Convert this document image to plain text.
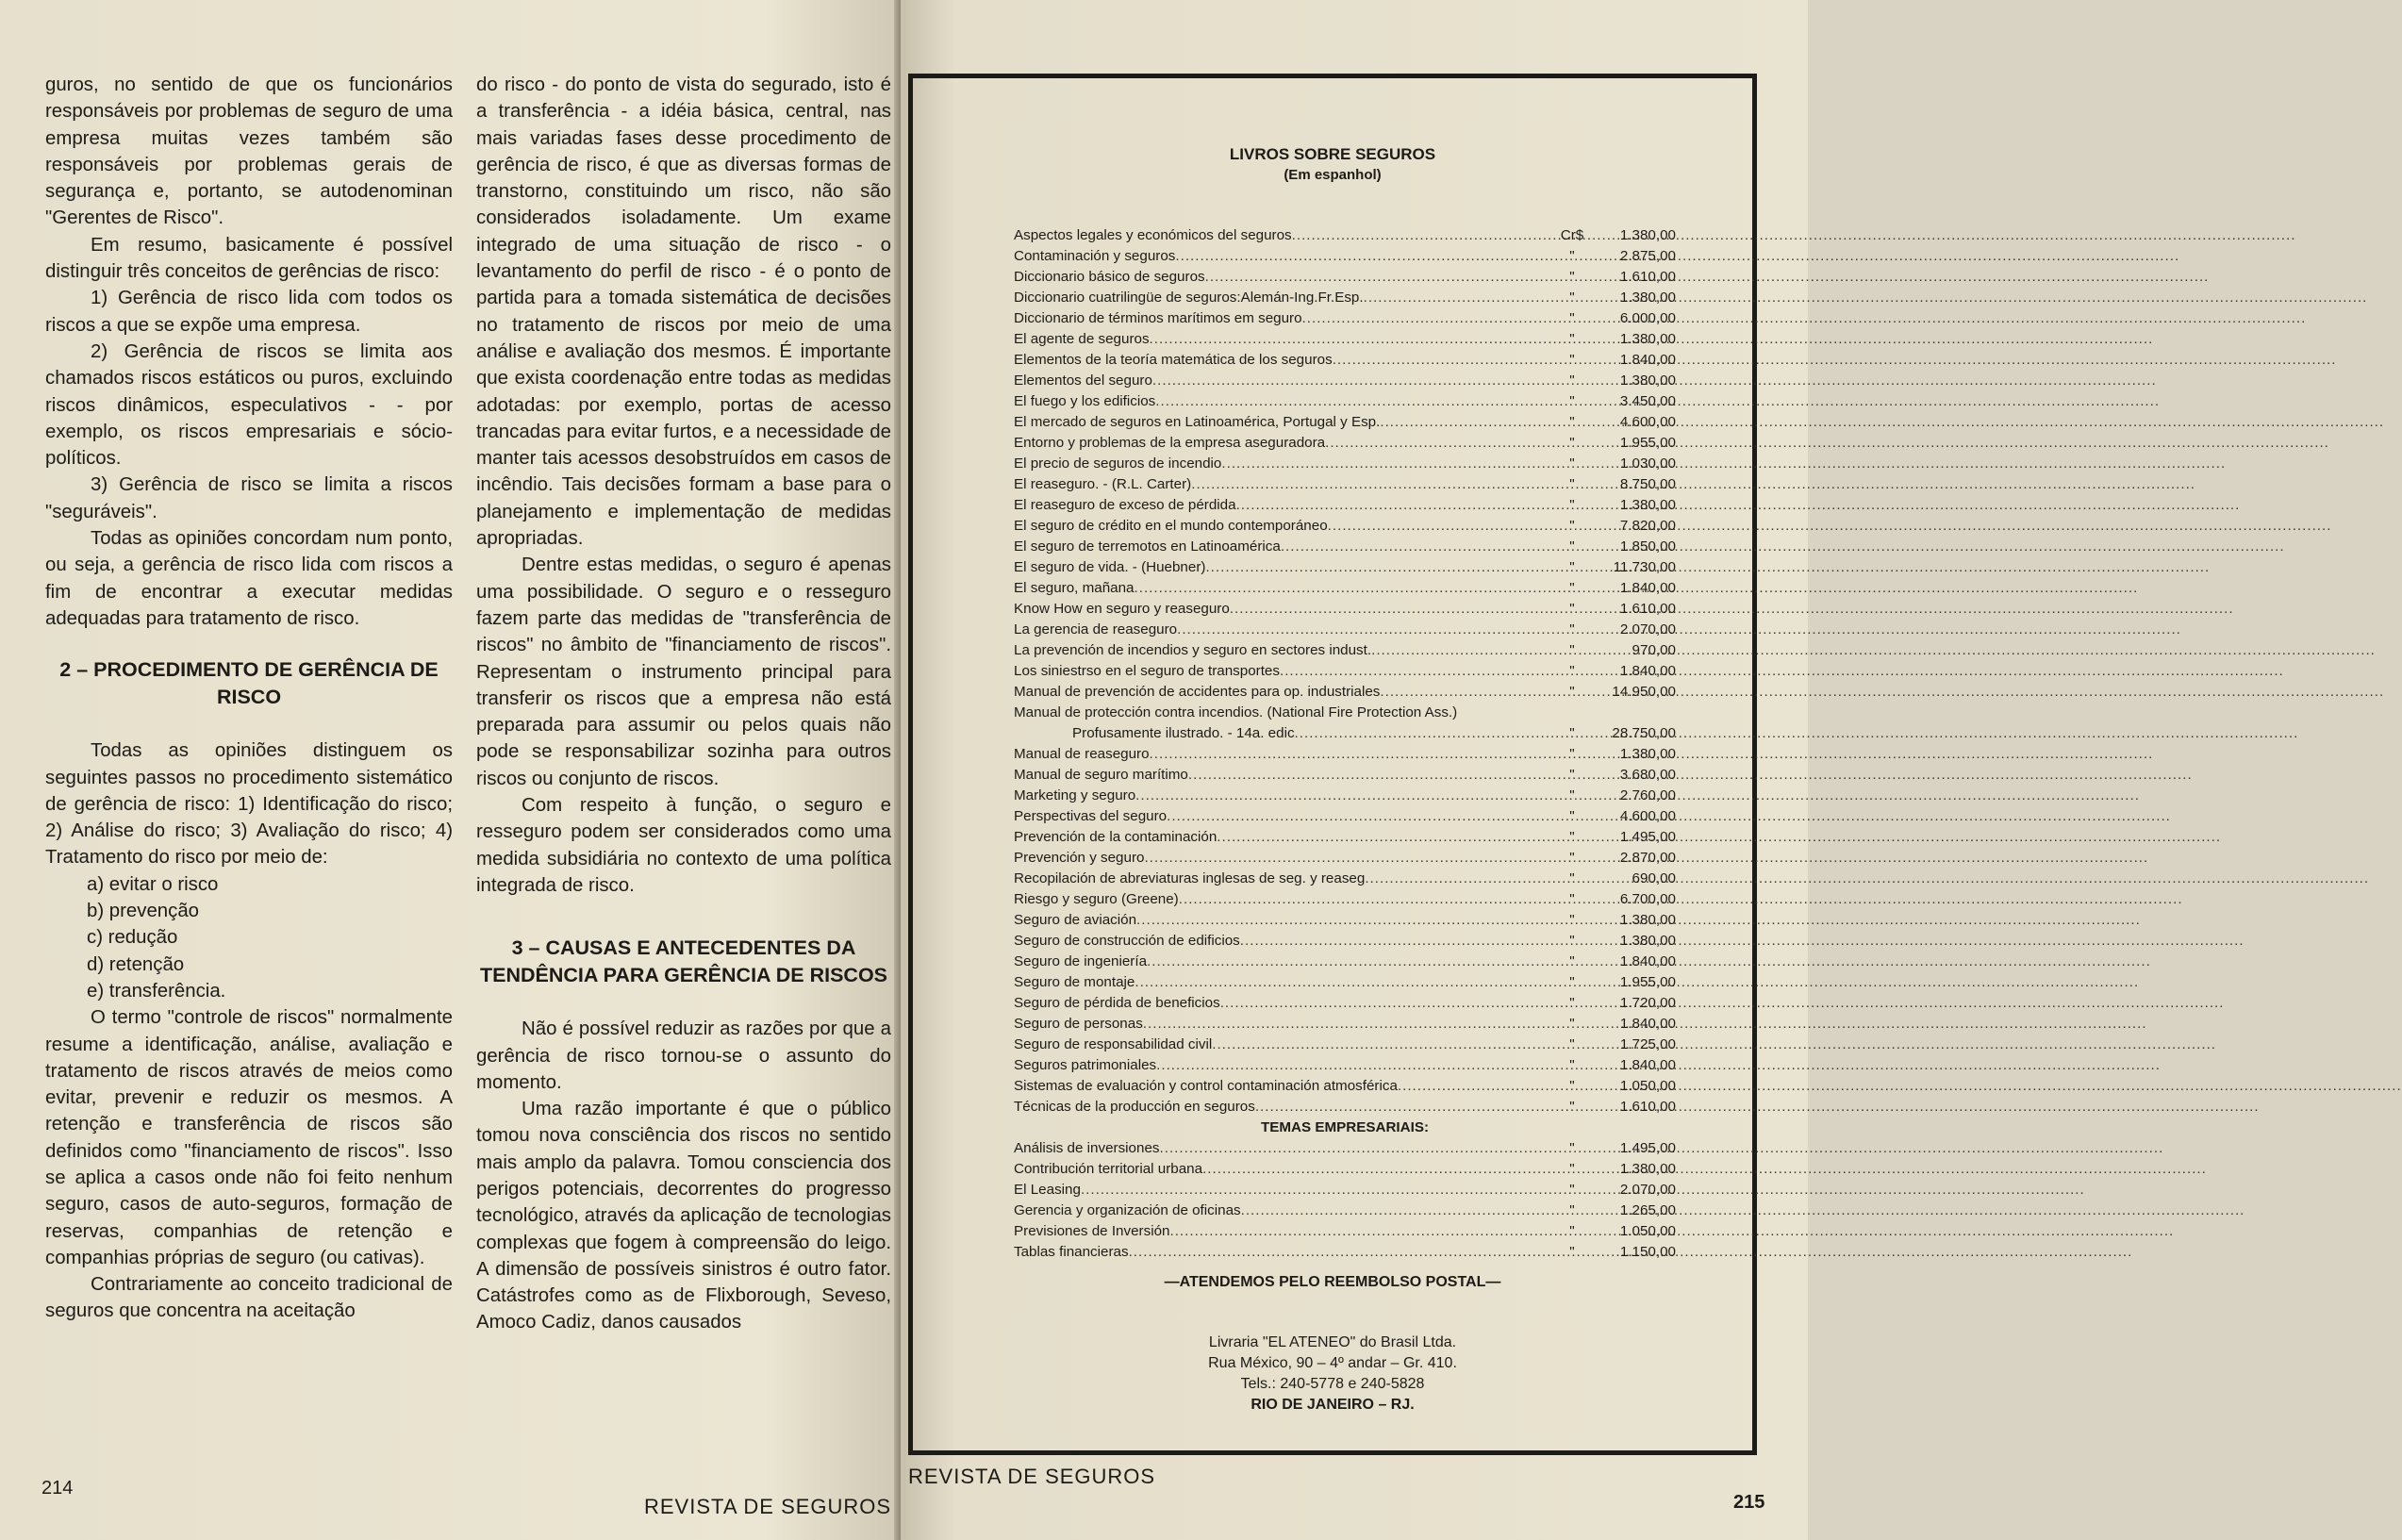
guros, no sentido de que os funcionários responsáveis por problemas de seguro de uma empresa muitas vezes também são responsáveis por problemas gerais de segurança e, portanto, se autodenominan "Gerentes de Risco".

Em resumo, basicamente é possível distinguir três conceitos de gerências de risco:

1) Gerência de risco lida com todos os riscos a que se expõe uma empresa.

2) Gerência de riscos se limita aos chamados riscos estáticos ou puros, excluindo riscos dinâmicos, especulativos - - por exemplo, os riscos empresariais e sócio-políticos.

3) Gerência de risco se limita a riscos "seguráveis".

Todas as opiniões concordam num ponto, ou seja, a gerência de risco lida com riscos a fim de encontrar a executar medidas adequadas para tratamento de risco.

2 – PROCEDIMENTO DE GERÊNCIA DE RISCO

Todas as opiniões distinguem os seguintes passos no procedimento sistemático de gerência de risco: 1) Identificação do risco; 2) Análise do risco; 3) Avaliação do risco; 4) Tratamento do risco por meio de:

a) evitar o risco
b) prevenção
c) redução
d) retenção
e) transferência.

O termo "controle de riscos" normalmente resume a identificação, análise, avaliação e tratamento de riscos através de meios como evitar, prevenir e reduzir os mesmos. A retenção e transferência de riscos são definidos como "financiamento de riscos". Isso se aplica a casos onde não foi feito nenhum seguro, casos de auto-seguros, formação de reservas, companhias de retenção e companhias próprias de seguro (ou cativas).

Contrariamente ao conceito tradicional de seguros que concentra na aceitação

do risco - do ponto de vista do segurado, isto é a transferência - a idéia básica, central, nas mais variadas fases desse procedimento de gerência de risco, é que as diversas formas de transtorno, constituindo um risco, não são considerados isoladamente. Um exame integrado de uma situação de risco - o levantamento do perfil de risco - é o ponto de partida para a tomada sistemática de decisões no tratamento de riscos por meio de uma análise e avaliação dos mesmos. É importante que exista coordenação entre todas as medidas adotadas: por exemplo, portas de acesso trancadas para evitar furtos, e a necessidade de manter tais acessos desobstruídos em casos de incêndio. Tais decisões formam a base para o planejamento e implementação de medidas apropriadas.

Dentre estas medidas, o seguro é apenas uma possibilidade. O seguro e o resseguro fazem parte das medidas de "transferência de riscos" no âmbito de "financiamento de riscos". Representam o instrumento principal para transferir os riscos que a empresa não está preparada para assumir ou pelos quais não pode se responsabilizar sozinha para outros riscos ou conjunto de riscos.

Com respeito à função, o seguro e resseguro podem ser considerados como uma medida subsidiária no contexto de uma política integrada de risco.

3 – CAUSAS E ANTECEDENTES DA TENDÊNCIA PARA GERÊNCIA DE RISCOS

Não é possível reduzir as razões por que a gerência de risco tornou-se o assunto do momento.

Uma razão importante é que o público tomou nova consciência dos riscos no sentido mais amplo da palavra. Tomou consciencia dos perigos potenciais, decorrentes do progresso tecnológico, através da aplicação de tecnologias complexas que fogem à compreensão do leigo. A dimensão de possíveis sinistros é outro fator. Catástrofes como as de Flixborough, Seveso, Amoco Cadiz, danos causados

214
REVISTA DE SEGUROS
LIVROS SOBRE SEGUROS
(Em espanhol)
Aspectos legales y económicos del seguros .....	Cr$	1.380,00
Contaminación y seguros .....	"	2.875,00
Diccionario básico de seguros .....	"	1.610,00
Diccionario cuatrilingüe de seguros:Alemán-Ing.Fr.Esp. .....	"	1.380,00
Diccionario de términos marítimos em seguro .....	"	6.000,00
El agente de seguros .....	"	1.380,00
Elementos de la teoría matemática de los seguros .....	"	1.840,00
Elementos del seguro .....	"	1.380,00
El fuego y los edificios .....	"	3.450,00
El mercado de seguros en Latinoamérica, Portugal y Esp. .....	"	4.600,00
Entorno y problemas de la empresa aseguradora .....	"	1.955,00
El precio de seguros de incendio .....	"	1.030,00
El reaseguro. - (R.L. Carter) .....	"	8.750,00
El reaseguro de exceso de pérdida .....	"	1.380,00
El seguro de crédito en el mundo contemporáneo .....	"	7.820,00
El seguro de terremotos en Latinoamérica .....	"	1.850,00
El seguro de vida. - (Huebner) .....	"	11.730,00
El seguro, mañana .....	"	1.840,00
Know How en seguro y reaseguro .....	"	1.610,00
La gerencia de reaseguro .....	"	2.070,00
La prevención de incendios y seguro en sectores indust. .....	"	970,00
Los siniestrso en el seguro de transportes .....	"	1.840,00
Manual de prevención de accidentes para op. industriales .....	"	14.950,00
Manual de protección contra incendios. (National Fire Protection Ass.)
Profusamente ilustrado. - 14a. edic .....	"	28.750,00
Manual de reaseguro .....	"	1.380,00
Manual de seguro marítimo .....	"	3.680,00
Marketing y seguro .....	"	2.760,00
Perspectivas del seguro .....	"	4.600,00
Prevención de la contaminación .....	"	1.495,00
Prevención y seguro .....	"	2.870,00
Recopilación de abreviaturas inglesas de seg. y reaseg .....	"	690,00
Riesgo y seguro (Greene) .....	"	6.700,00
Seguro de aviación .....	"	1.380,00
Seguro de construcción de edificios .....	"	1.380,00
Seguro de ingeniería .....	"	1.840,00
Seguro de montaje .....	"	1.955,00
Seguro de pérdida de beneficios .....	"	1.720,00
Seguro de personas .....	"	1.840,00
Seguro de responsabilidad civil .....	"	1.725,00
Seguros patrimoniales .....	"	1.840,00
Sistemas de evaluación y control contaminación atmosférica .....	"	1.050,00
Técnicas de la producción en seguros .....	"	1.610,00
TEMAS EMPRESARIAIS:
Análisis de inversiones .....	"	1.495,00
Contribución territorial urbana .....	"	1.380,00
El Leasing .....	"	2.070,00
Gerencia y organización de oficinas .....	"	1.265,00
Previsiones de Inversión .....	"	1.050,00
Tablas financieras .....	"	1.150,00
—ATENDEMOS PELO REEMBOLSO POSTAL—
Livraria "EL ATENEO" do Brasil Ltda.
Rua México, 90 – 4º andar – Gr. 410.
Tels.: 240-5778 e 240-5828
RIO DE JANEIRO – RJ.
REVISTA DE SEGUROS
215
